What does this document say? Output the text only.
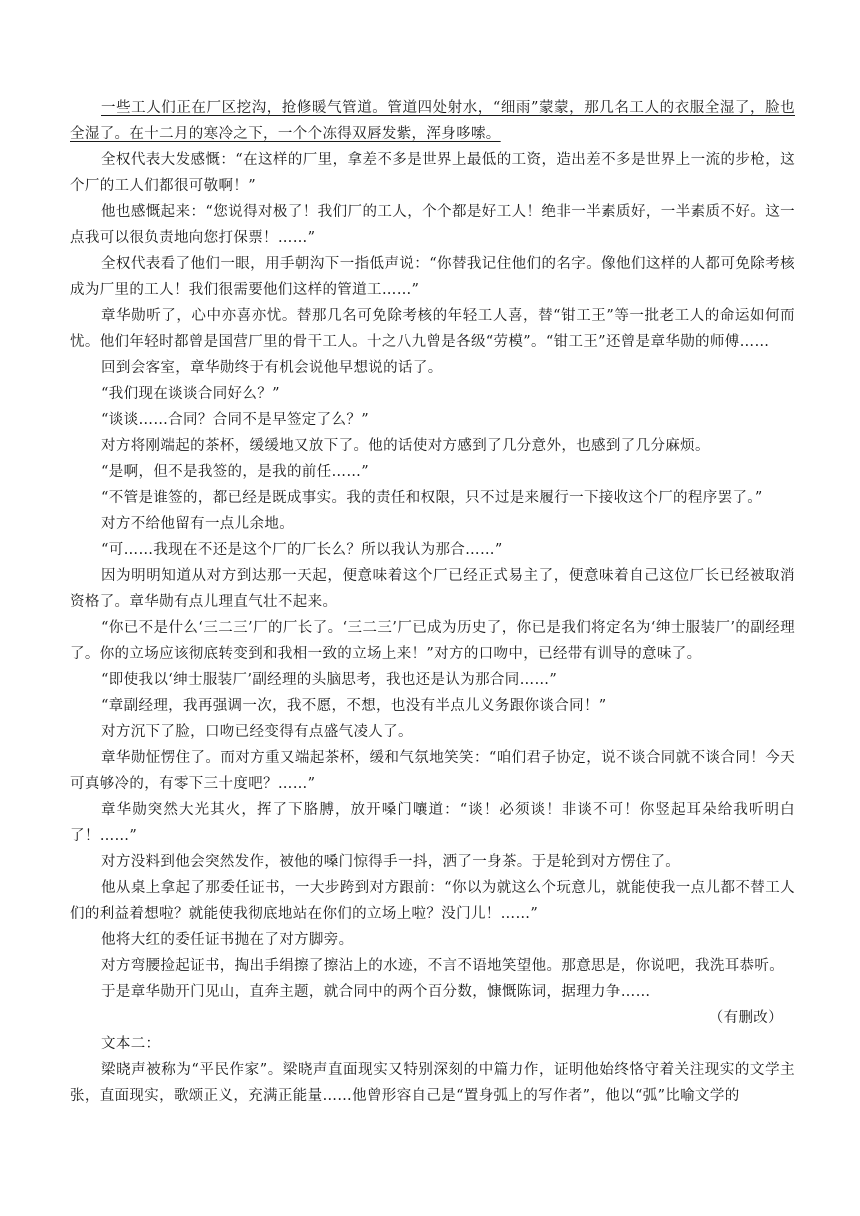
一些工人们正在厂区挖沟，抢修暖气管道。管道四处射水，“细雨”蒙蒙，那几名工人的衣服全湿了，脸也全湿了。在十二月的寒冷之下，一个个冻得双唇发紫，浑身哆嗦。

全权代表大发感慨：“在这样的厂里，拿差不多是世界上最低的工资，造出差不多是世界上一流的步枪，这个厂的工人们都很可敬啊！”

他也感慨起来：“您说得对极了！我们厂的工人，个个都是好工人！绝非一半素质好，一半素质不好。这一点我可以很负责地向您打保票！……”

全权代表看了他们一眼，用手朝沟下一指低声说：“你替我记住他们的名字。像他们这样的人都可免除考核成为厂里的工人！我们很需要他们这样的管道工……”

章华勋听了，心中亦喜亦忧。替那几名可免除考核的年轻工人喜，替“钳工王”等一批老工人的命运如何而忧。他们年轻时都曾是国营厂里的骨干工人。十之八九曾是各级“劳模”。“钳工王”还曾是章华勋的师傅……

回到会客室，章华勋终于有机会说他早想说的话了。

“我们现在谈谈合同好么？”

“谈谈……合同？合同不是早签定了么？”

对方将刚端起的茶杯，缓缓地又放下了。他的话使对方感到了几分意外，也感到了几分麻烦。

“是啊，但不是我签的，是我的前任……”

“不管是谁签的，都已经是既成事实。我的责任和权限，只不过是来履行一下接收这个厂的程序罢了。”

对方不给他留有一点儿余地。

“可……我现在不还是这个厂的厂长么？所以我认为那合……”

因为明明知道从对方到达那一天起，便意味着这个厂已经正式易主了，便意味着自己这位厂长已经被取消资格了。章华勋有点儿理直气壮不起来。

“你已不是什么‘三二三’厂的厂长了。‘三二三’厂已成为历史了，你已是我们将定名为‘绅士服装厂’的副经理了。你的立场应该彻底转变到和我相一致的立场上来！”对方的口吻中，已经带有训导的意味了。

“即使我以‘绅士服装厂’副经理的头脑思考，我也还是认为那合同……”

“章副经理，我再强调一次，我不愿，不想，也没有半点儿义务跟你谈合同！”

对方沉下了脸，口吻已经变得有点盛气凌人了。

章华勋怔愣住了。而对方重又端起茶杯，缓和气氛地笑笑：“咱们君子协定，说不谈合同就不谈合同！今天可真够冷的，有零下三十度吧？……”

章华勋突然大光其火，挥了下胳膊，放开嗓门嚷道：“谈！必须谈！非谈不可！你竖起耳朵给我听明白了！……”

对方没料到他会突然发作，被他的嗓门惊得手一抖，洒了一身茶。于是轮到对方愣住了。

他从桌上拿起了那委任证书，一大步跨到对方跟前：“你以为就这么个玩意儿，就能使我一点儿都不替工人们的利益着想啦？就能使我彻底地站在你们的立场上啦？没门儿！……”

他将大红的委任证书抛在了对方脚旁。

对方弯腰捡起证书，掏出手绢擦了擦沾上的水迹，不言不语地笑望他。那意思是，你说吧，我洗耳恭听。

于是章华勋开门见山，直奔主题，就合同中的两个百分数，慷慨陈词，据理力争……

（有删改）

文本二：

梁晓声被称为“平民作家”。梁晓声直面现实又特别深刻的中篇力作，证明他始终恪守着关注现实的文学主张，直面现实，歌颂正义，充满正能量……他曾形容自己是“置身弧上的写作者”，他以“弧”比喻文学的
